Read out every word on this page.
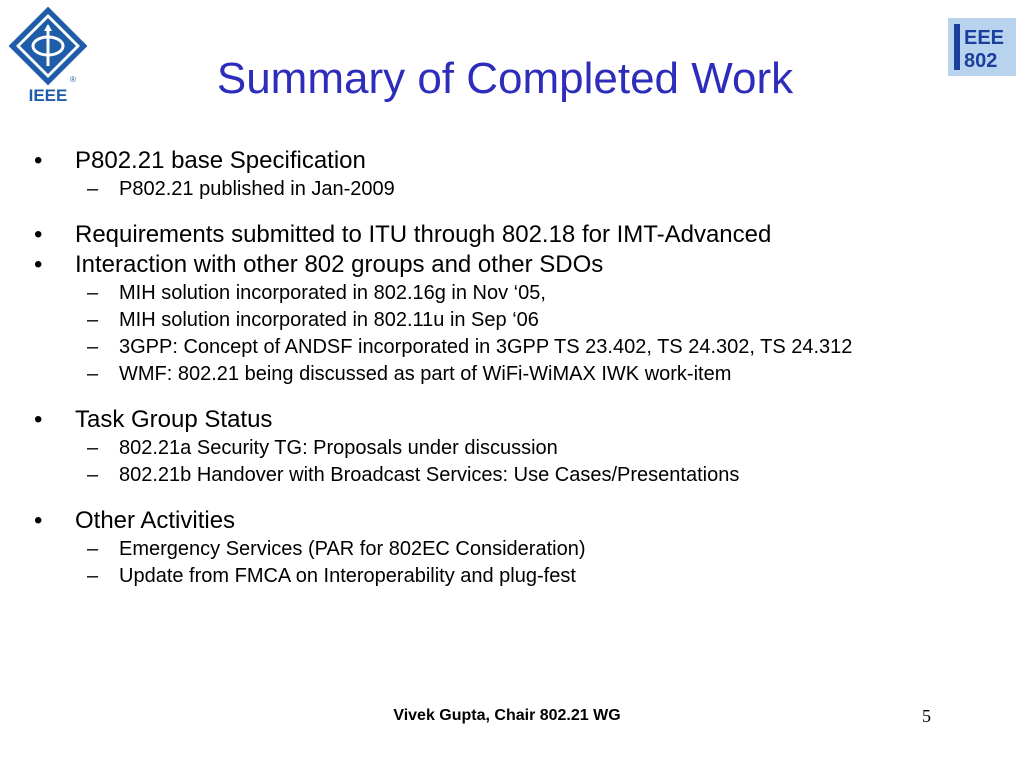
®
IEEE
EEE
802
Summary of Completed Work

• P802.21 base Specification

– P802.21 published in Jan-2009

• Requirements submitted to ITU through 802.18 for IMT-Advanced

• Interaction with other 802 groups and other SDOs

– MIH solution incorporated in 802.16g in Nov ‘05,

– MIH solution incorporated in 802.11u in Sep ‘06

– 3GPP: Concept of ANDSF incorporated in 3GPP TS 23.402, TS 24.302, TS 24.312

– WMF: 802.21 being discussed as part of WiFi-WiMAX IWK work-item

• Task Group Status

– 802.21a Security TG: Proposals under discussion

– 802.21b Handover with Broadcast Services: Use Cases/Presentations

• Other Activities

– Emergency Services (PAR for 802EC Consideration)

– Update from FMCA on Interoperability and plug-fest

Vivek Gupta, Chair 802.21 WG	5
